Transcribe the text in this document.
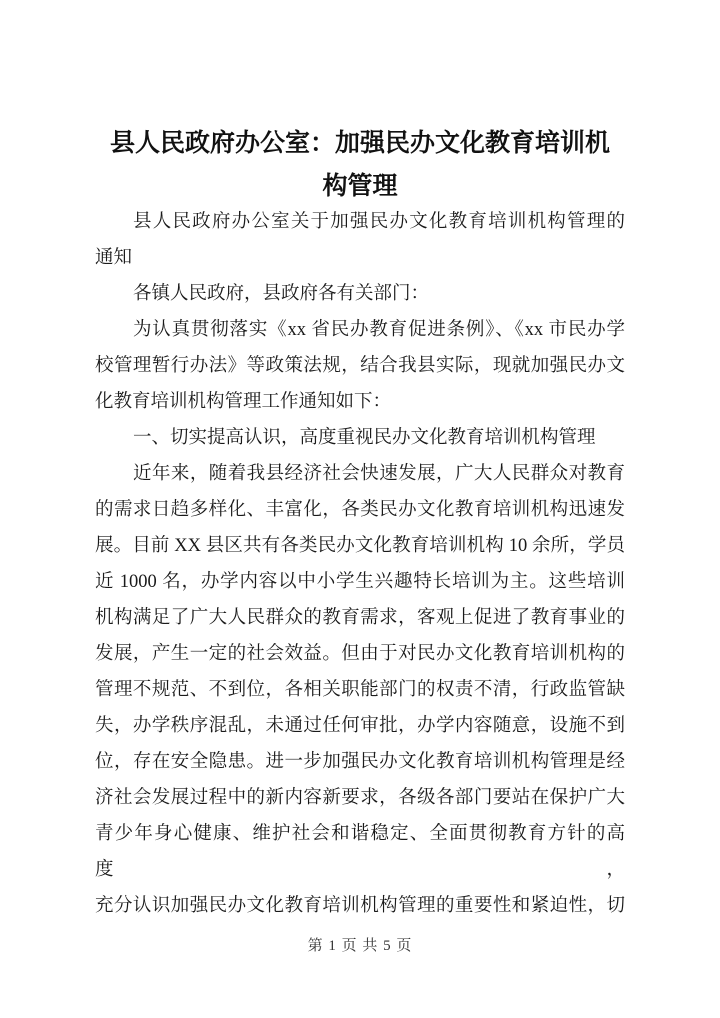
县人民政府办公室：加强民办文化教育培训机
构管理
县人民政府办公室关于加强民办文化教育培训机构管理的
通知
各镇人民政府，县政府各有关部门：
为认真贯彻落实《xx 省民办教育促进条例》、《xx 市民办学
校管理暂行办法》等政策法规，结合我县实际，现就加强民办文
化教育培训机构管理工作通知如下：
一、切实提高认识，高度重视民办文化教育培训机构管理
近年来，随着我县经济社会快速发展，广大人民群众对教育
的需求日趋多样化、丰富化，各类民办文化教育培训机构迅速发
展。目前 XX 县区共有各类民办文化教育培训机构 10 余所，学员
近 1000 名，办学内容以中小学生兴趣特长培训为主。这些培训
机构满足了广大人民群众的教育需求，客观上促进了教育事业的
发展，产生一定的社会效益。但由于对民办文化教育培训机构的
管理不规范、不到位，各相关职能部门的权责不清，行政监管缺
失，办学秩序混乱，未通过任何审批，办学内容随意，设施不到
位，存在安全隐患。进一步加强民办文化教育培训机构管理是经
济社会发展过程中的新内容新要求，各级各部门要站在保护广大
青少年身心健康、维护社会和谐稳定、全面贯彻教育方针的高度，
充分认识加强民办文化教育培训机构管理的重要性和紧迫性，切
第 1 页 共 5 页
